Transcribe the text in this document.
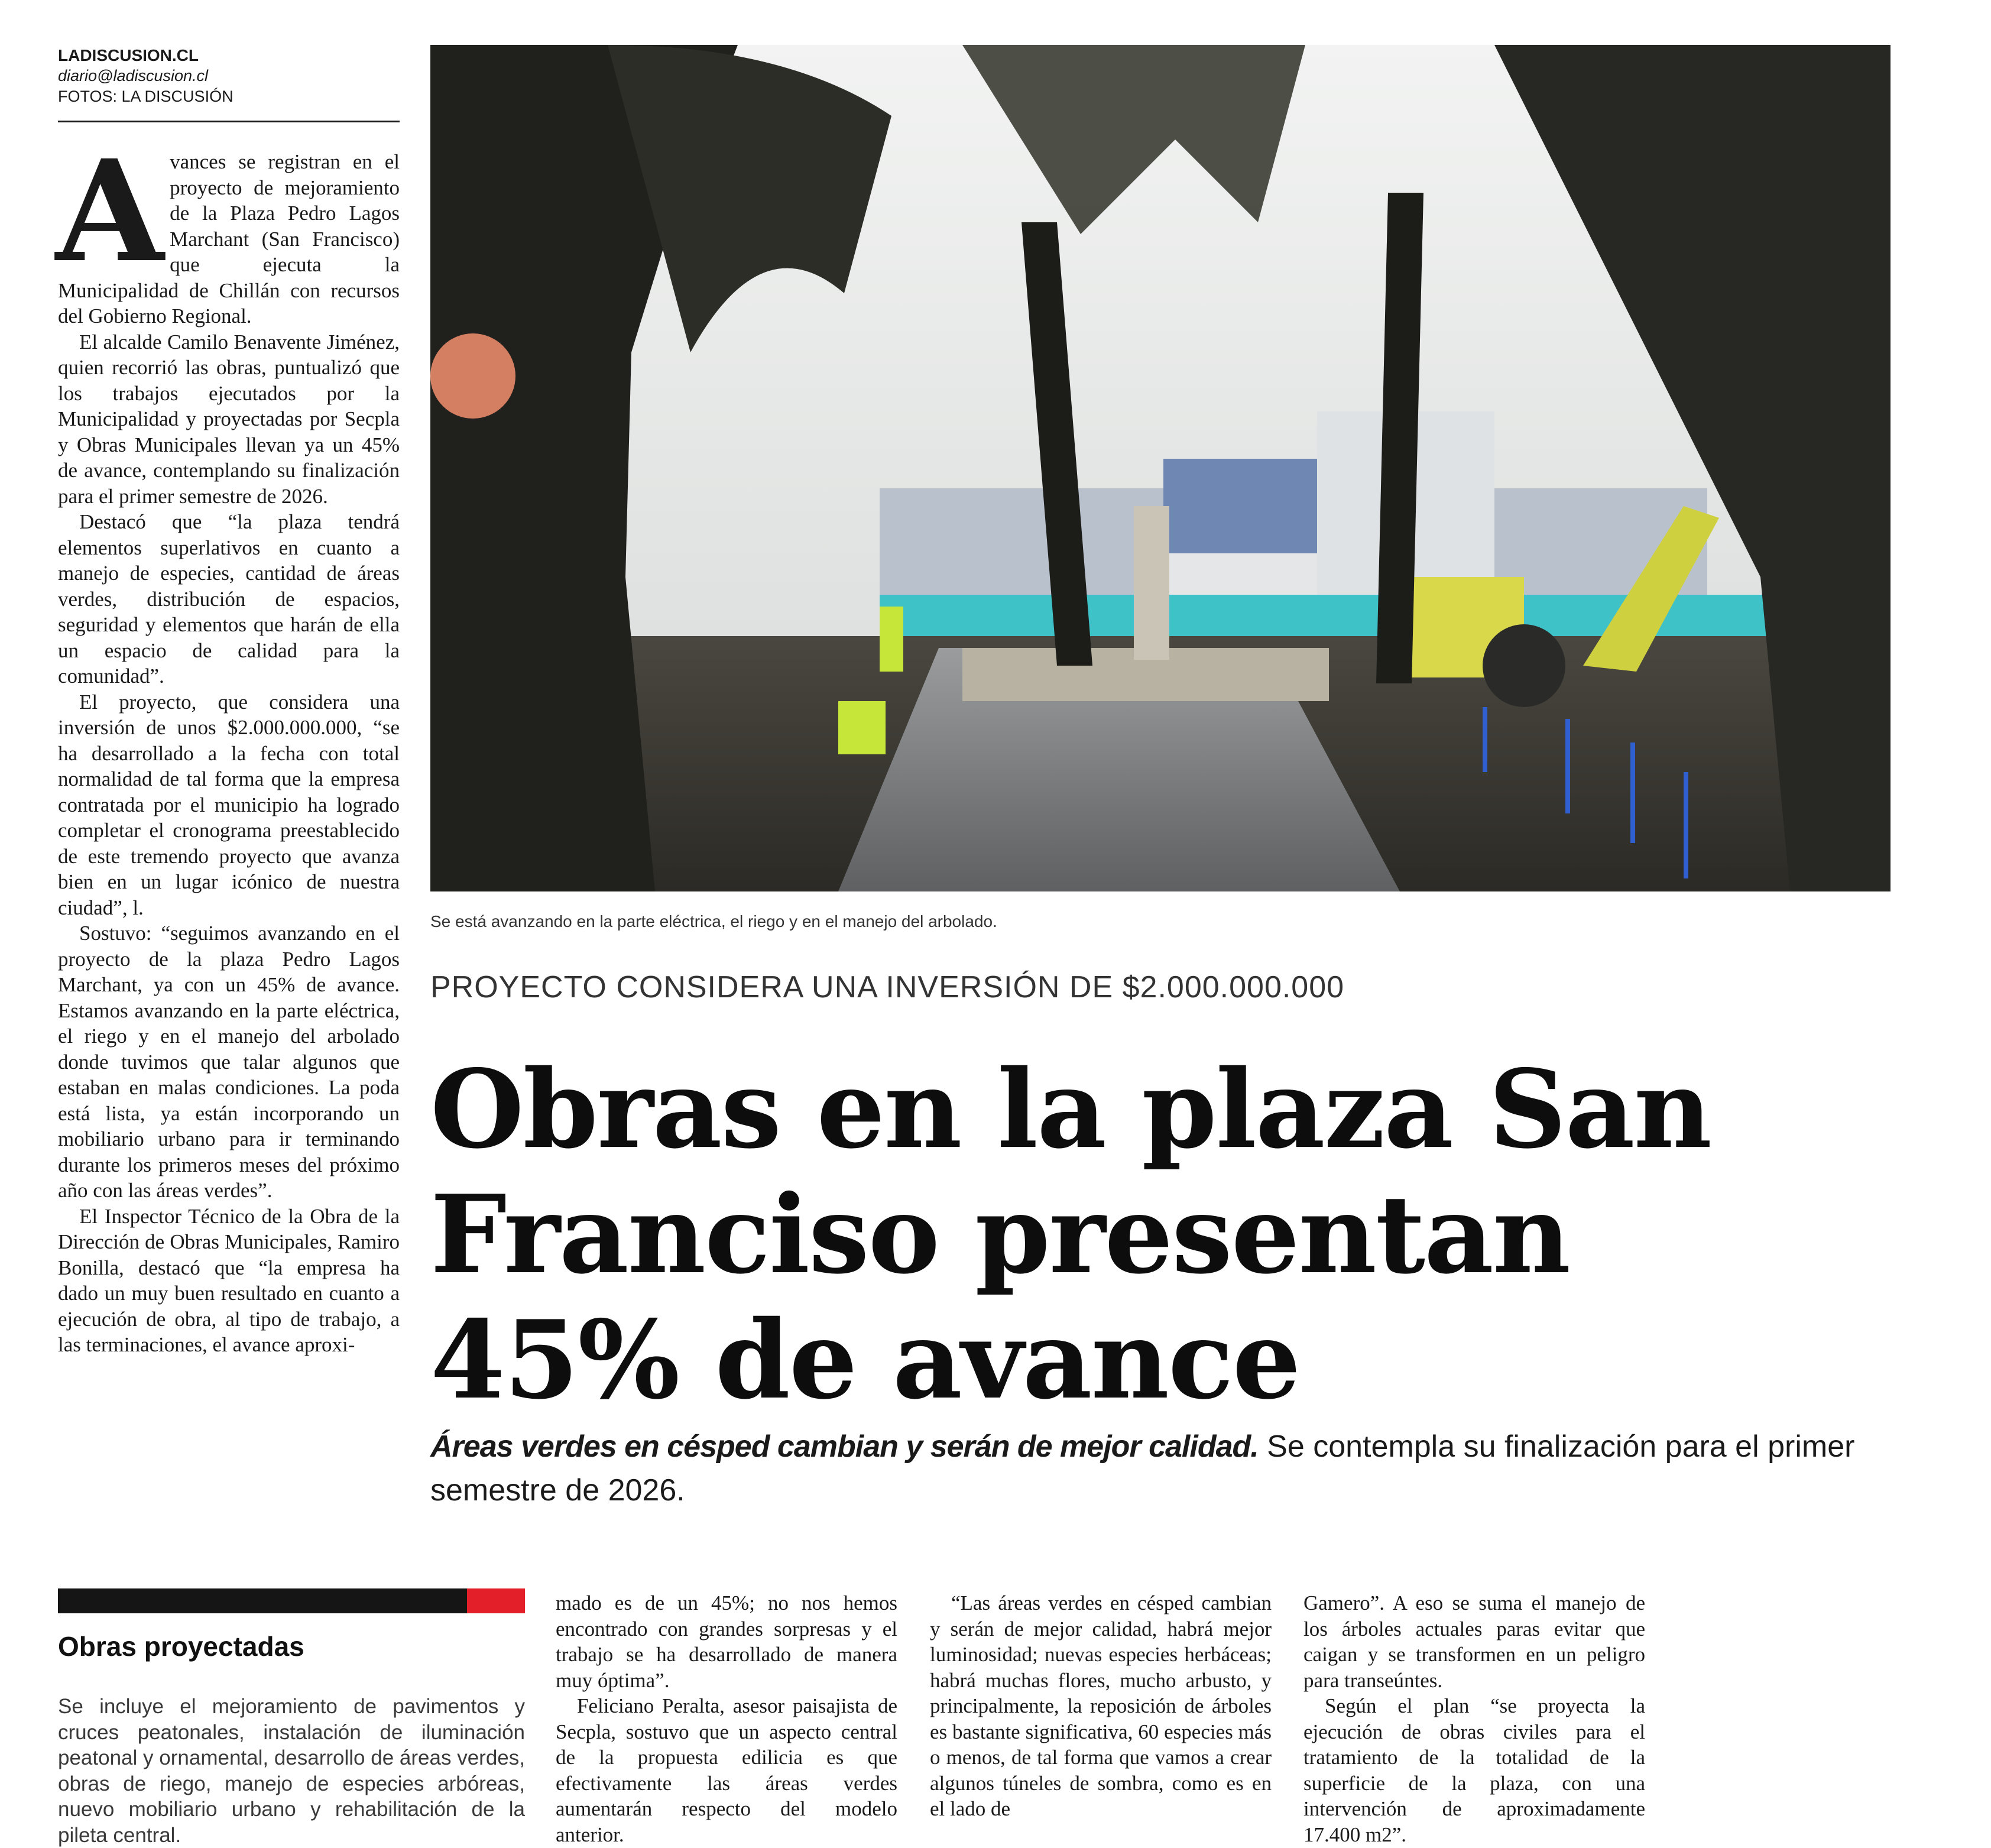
LADISCUSION.CL
diario@ladiscusion.cl
FOTOS: LA DISCUSIÓN

Avances se registran en el proyecto de mejoramiento de la Plaza Pedro Lagos Marchant (San Francisco) que ejecuta la Municipalidad de Chillán con recursos del Gobierno Regional.

El alcalde Camilo Benavente Jiménez, quien recorrió las obras, puntualizó que los trabajos ejecutados por la Municipalidad y proyectadas por Secpla y Obras Municipales llevan ya un 45% de avance, contemplando su finalización para el primer semestre de 2026.

Destacó que “la plaza tendrá elementos superlativos en cuanto a manejo de especies, cantidad de áreas verdes, distribución de espacios, seguridad y elementos que harán de ella un espacio de calidad para la comunidad”.

El proyecto, que considera una inversión de unos $2.000.000.000, “se ha desarrollado a la fecha con total normalidad de tal forma que la empresa contratada por el municipio ha logrado completar el cronograma preestablecido de este tremendo proyecto que avanza bien en un lugar icónico de nuestra ciudad”, l.

Sostuvo: “seguimos avanzando en el proyecto de la plaza Pedro Lagos Marchant, ya con un 45% de avance. Estamos avanzando en la parte eléctrica, el riego y en el manejo del arbolado donde tuvimos que talar algunos que estaban en malas condiciones. La poda está lista, ya están incorporando un mobiliario urbano para ir terminando durante los primeros meses del próximo año con las áreas verdes”.

El Inspector Técnico de la Obra de la Dirección de Obras Municipales, Ramiro Bonilla, destacó que “la empresa ha dado un muy buen resultado en cuanto a ejecución de obra, al tipo de trabajo, a las terminaciones, el avance aproxi-

Se está avanzando en la parte eléctrica, el riego y en el manejo del arbolado.
PROYECTO CONSIDERA UNA INVERSIÓN DE $2.000.000.000
Obras en la plaza San
Franciso presentan
45% de avance
Áreas verdes en césped cambian y serán de mejor calidad. Se contempla su finalización para el primer semestre de 2026.
Obras proyectadas
Se incluye el mejoramiento de pavimentos y cruces peatonales, instalación de iluminación peatonal y ornamental, desarrollo de áreas verdes, obras de riego, manejo de especies arbóreas, nuevo mobiliario urbano y rehabilitación de la pileta central.

mado es de un 45%; no nos hemos encontrado con grandes sorpresas y el trabajo se ha desarrollado de manera muy óptima”.

Feliciano Peralta, asesor paisajista de Secpla, sostuvo que un aspecto central de la propuesta edilicia es que efectivamente las áreas verdes aumentarán respecto del modelo anterior.

“Las áreas verdes en césped cambian y serán de mejor calidad, habrá mejor luminosidad; nuevas especies herbáceas; habrá muchas flores, mucho arbusto, y principalmente, la reposición de árboles es bastante significativa, 60 especies más o menos, de tal forma que vamos a crear algunos túneles de sombra, como es en el lado de

Gamero”. A eso se suma el manejo de los árboles actuales paras evitar que caigan y se transformen en un peligro para transeúntes.

Según el plan “se proyecta la ejecución de obras civiles para el tratamiento de la totalidad de la superficie de la plaza, con una intervención de aproximadamente 17.400 m2”.
